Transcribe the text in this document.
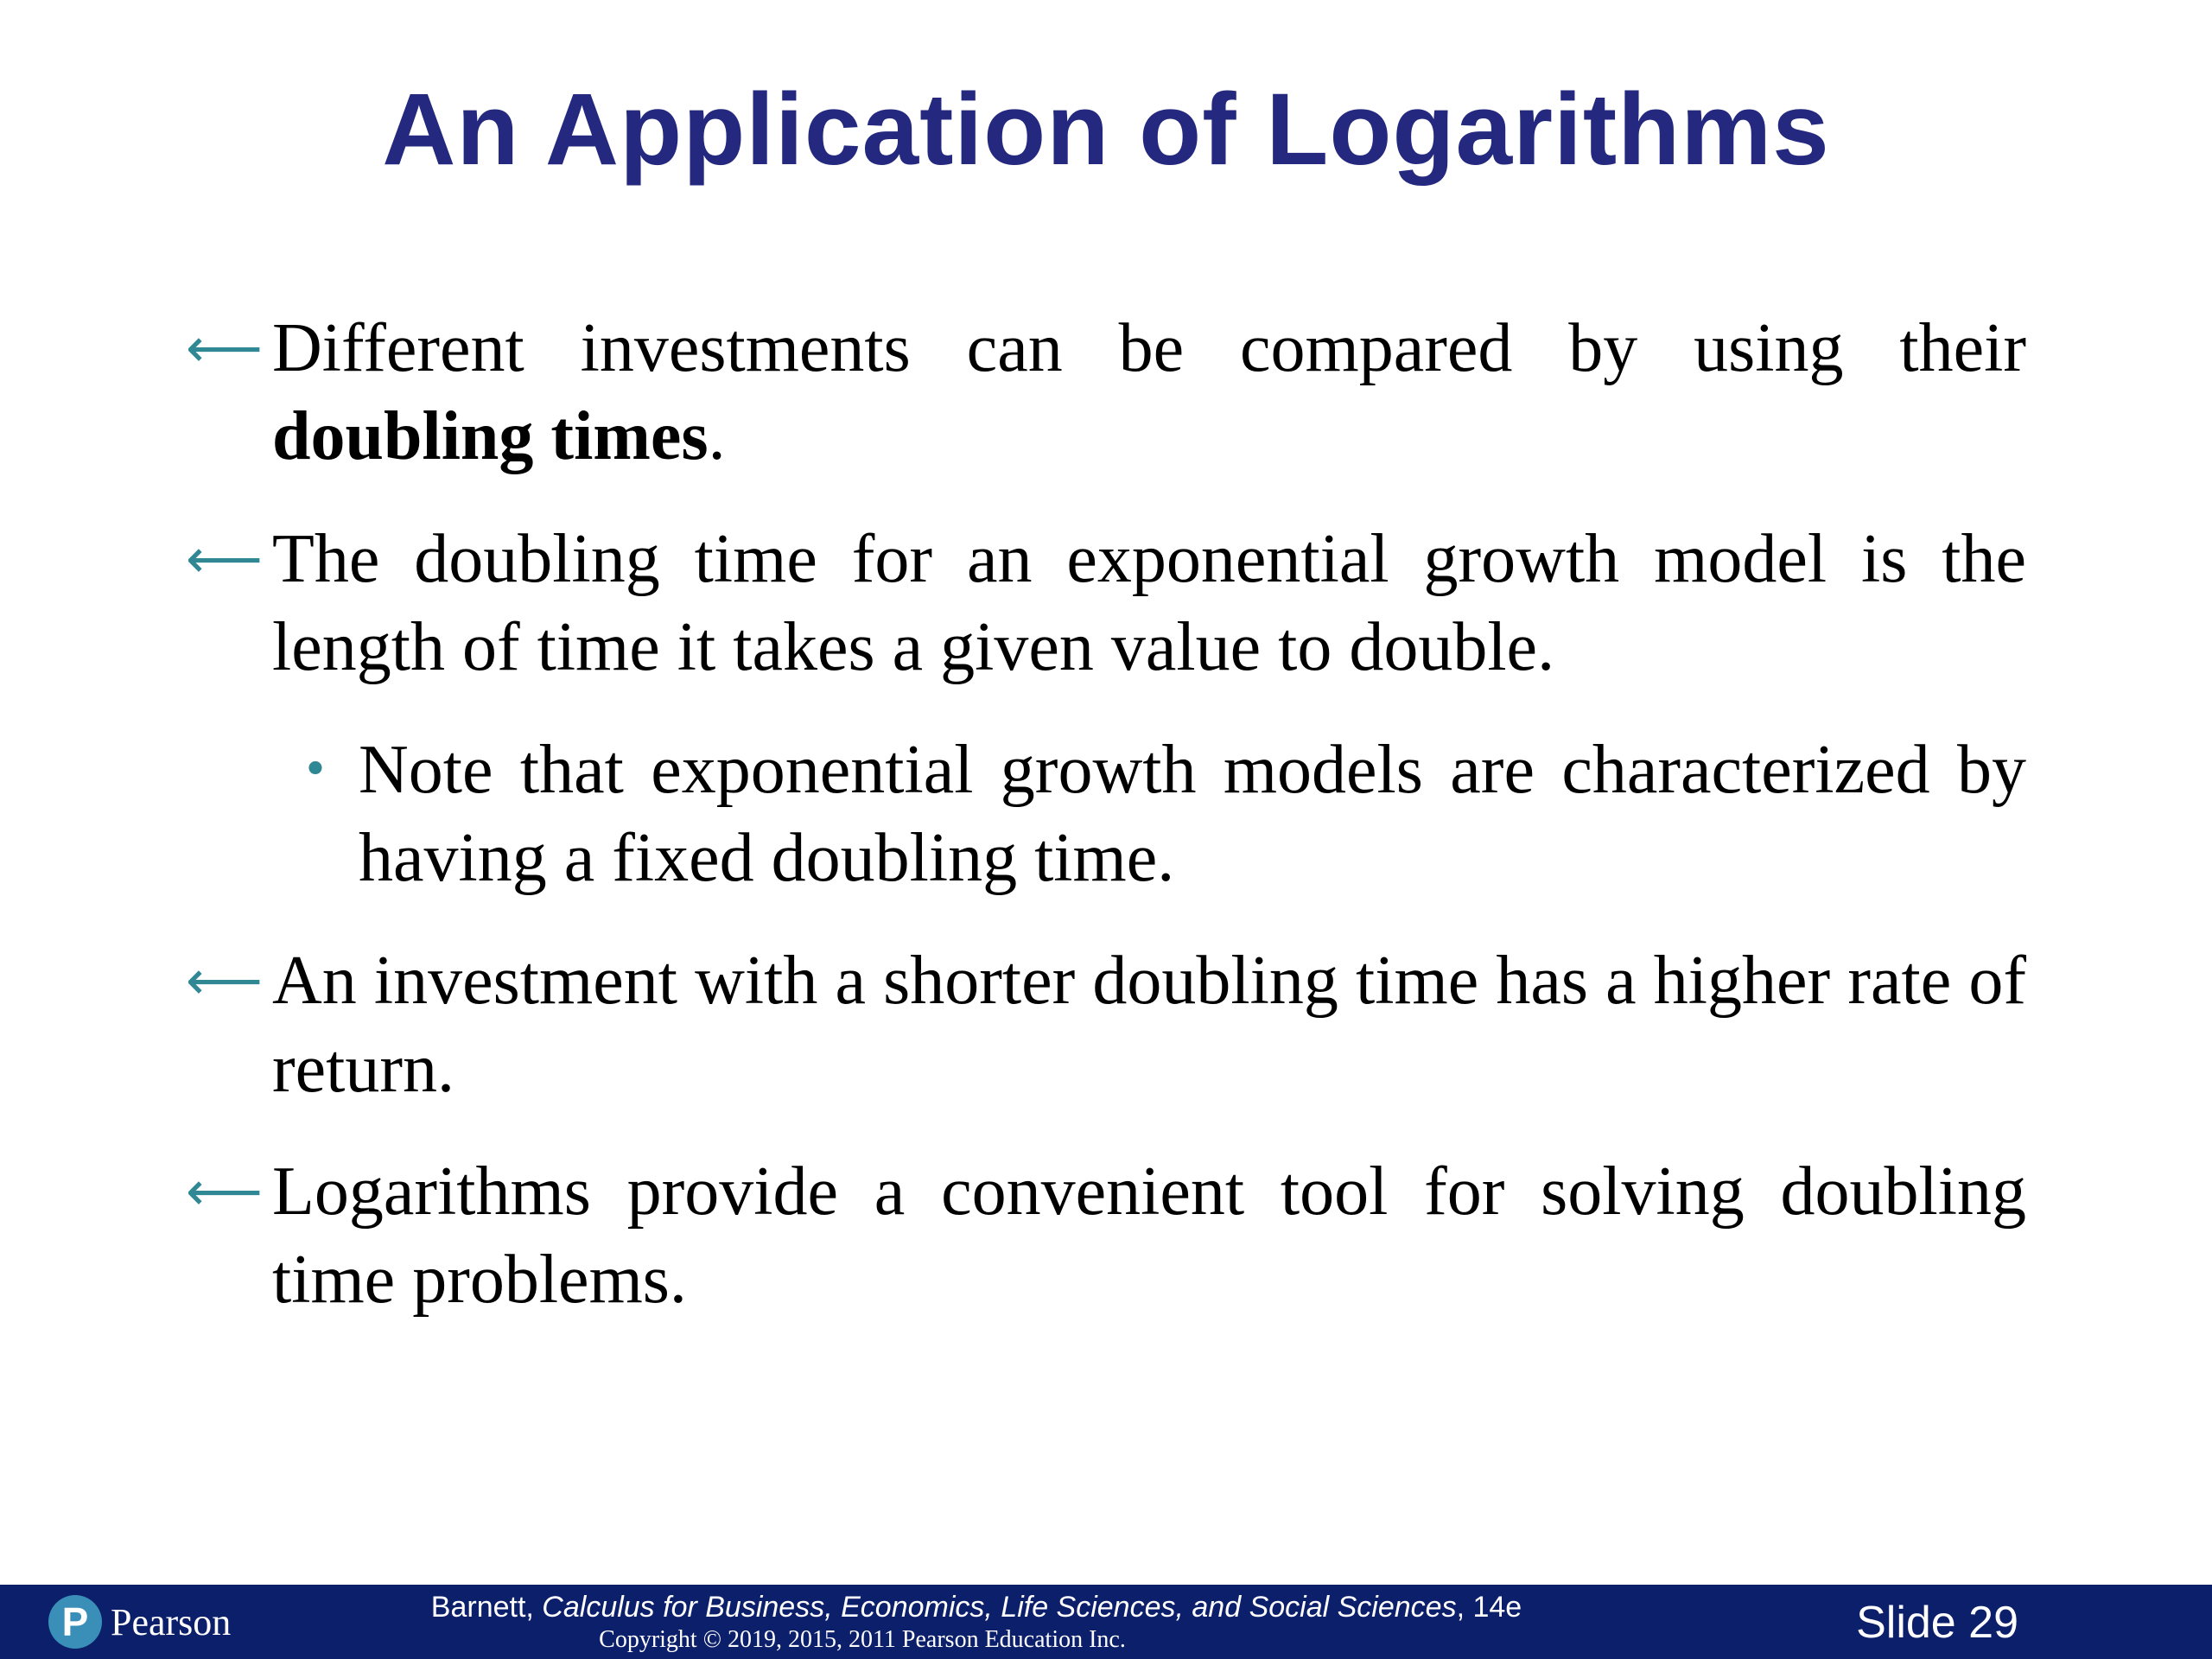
An Application of Logarithms
⟵ Different investments can be compared by using their doubling times.
⟵ The doubling time for an exponential growth model is the length of time it takes a given value to double.
• Note that exponential growth models are characterized by having a fixed doubling time.
⟵ An investment with a shorter doubling time has a higher rate of return.
⟵ Logarithms provide a convenient tool for solving doubling time problems.
P Pearson	Barnett, Calculus for Business, Economics, Life Sciences, and Social Sciences, 14e
Copyright © 2019, 2015, 2011 Pearson Education Inc.	Slide 29
